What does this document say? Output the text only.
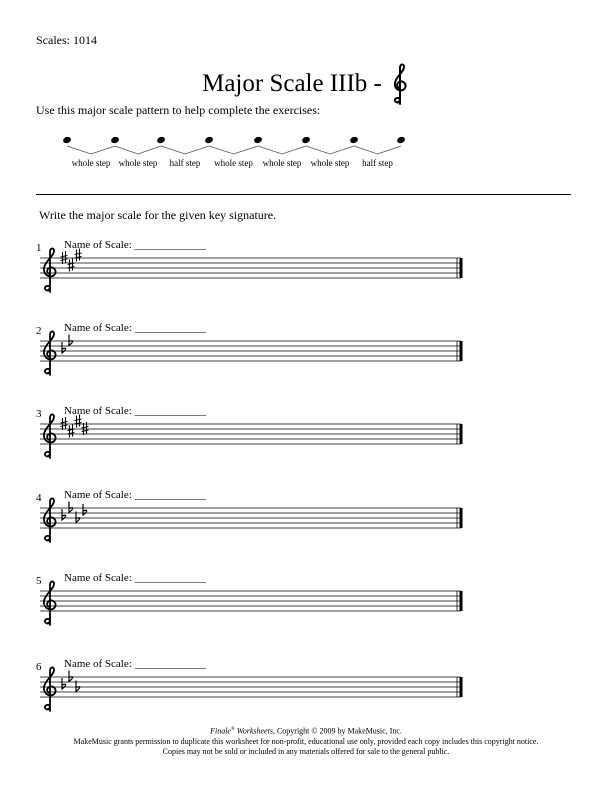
Scales: 1014
Major Scale IIIb -
Use this major scale pattern to help complete the exercises:
whole step whole step half step whole step whole step whole step half step
Write the major scale for the given key signature.
1 Name of Scale: _____________
2 Name of Scale: _____________
3 Name of Scale: _____________
4 Name of Scale: _____________
5 Name of Scale: _____________
6 Name of Scale: _____________
Finale® Worksheets, Copyright © 2009 by MakeMusic, Inc.
MakeMusic grants permission to duplicate this worksheet for non-profit, educational use only, provided each copy includes this copyright notice.
Copies may not be sold or included in any materials offered for sale to the general public.
